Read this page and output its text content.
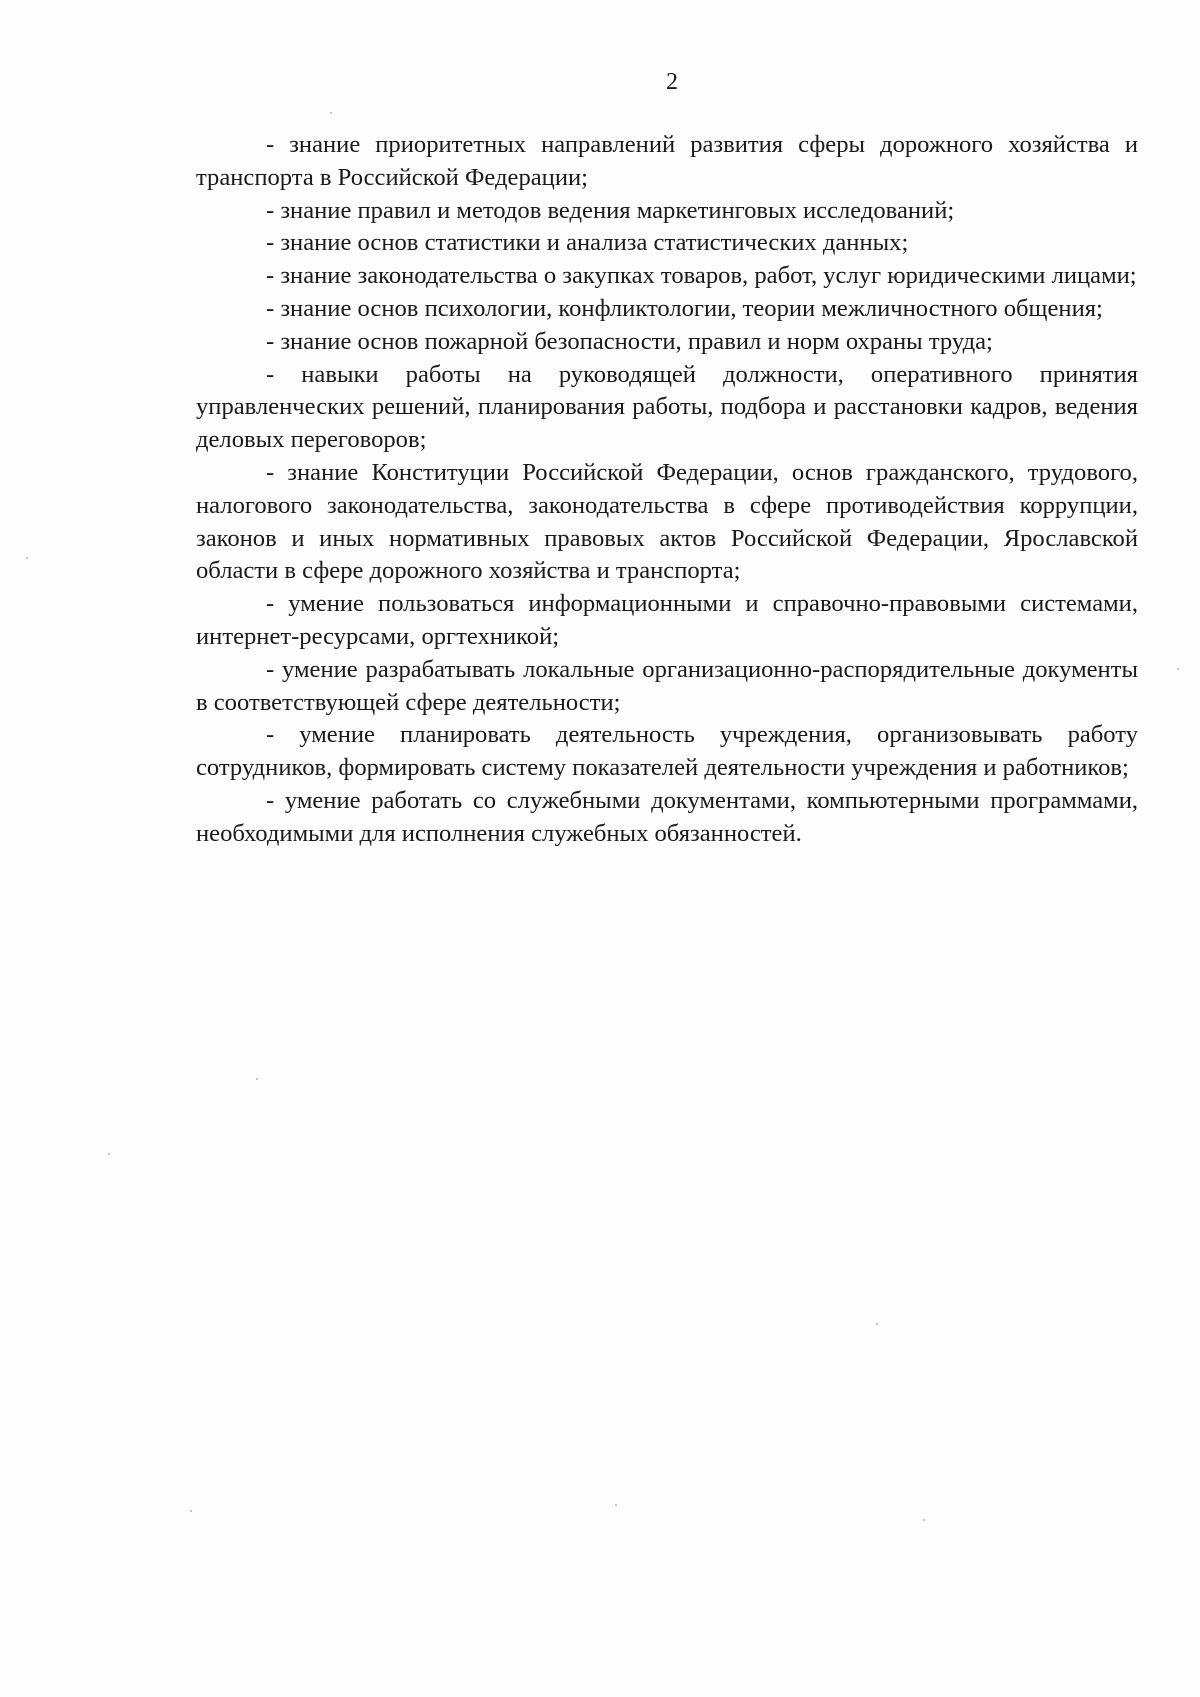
2

- знание приоритетных направлений развития сферы дорожного хозяйства и транспорта в Российской Федерации;

- знание правил и методов ведения маркетинговых исследований;

- знание основ статистики и анализа статистических данных;

- знание законодательства о закупках товаров, работ, услуг юридическими лицами;

- знание основ психологии, конфликтологии, теории межличностного общения;

- знание основ пожарной безопасности, правил и норм охраны труда;

- навыки работы на руководящей должности, оперативного принятия управленческих решений, планирования работы, подбора и расстановки кадров, ведения деловых переговоров;

- знание Конституции Российской Федерации, основ гражданского, трудового, налогового законодательства, законодательства в сфере противодействия коррупции, законов и иных нормативных правовых актов Российской Федерации, Ярославской области в сфере дорожного хозяйства и транспорта;

- умение пользоваться информационными и справочно-правовыми системами, интернет-ресурсами, оргтехникой;

- умение разрабатывать локальные организационно-распорядительные документы в соответствующей сфере деятельности;

- умение планировать деятельность учреждения, организовывать работу сотрудников, формировать систему показателей деятельности учреждения и работников;

- умение работать со служебными документами, компьютерными программами, необходимыми для исполнения служебных обязанностей.
